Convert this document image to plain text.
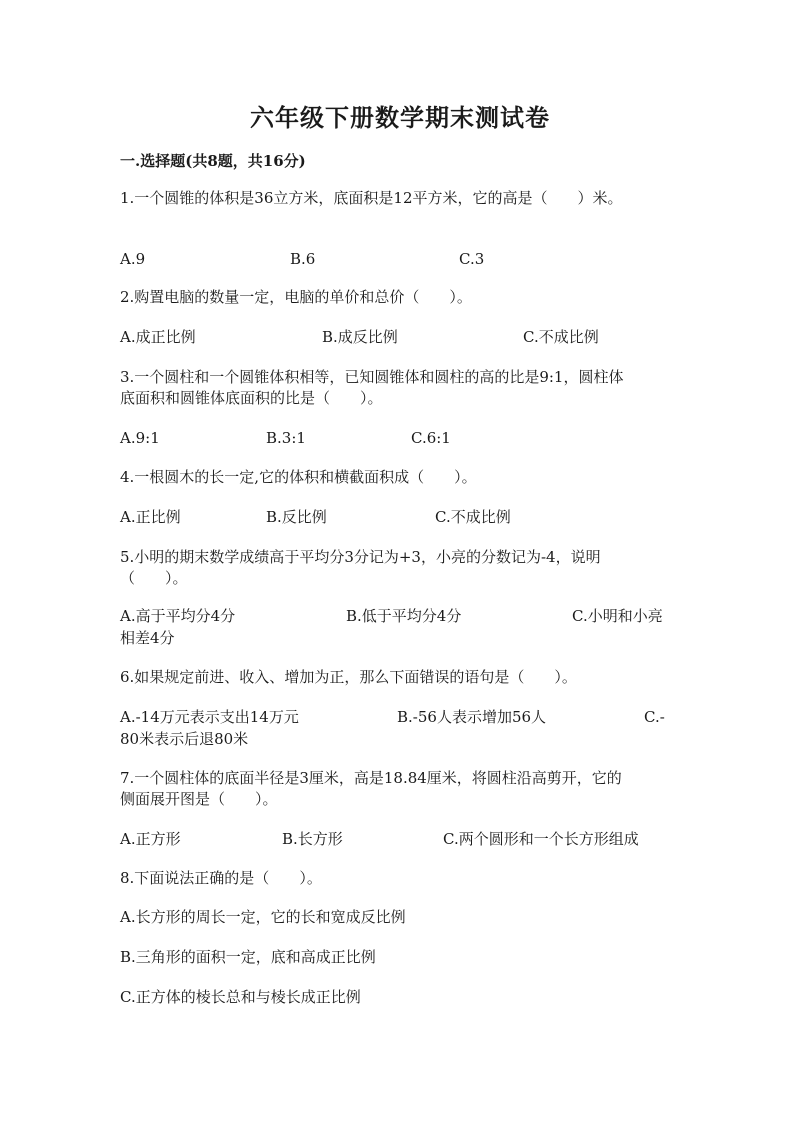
六年级下册数学期末测试卷
一.选择题(共8题，共16分)
1.一个圆锥的体积是36立方米，底面积是12平方米，它的高是（　　）米。
A.9	B.6	C.3
2.购置电脑的数量一定，电脑的单价和总价（　　）。
A.成正比例	B.成反比例	C.不成比例
3.一个圆柱和一个圆锥体积相等，已知圆锥体和圆柱的高的比是9:1，圆柱体
底面积和圆锥体底面积的比是（　　）。
A.9:1	B.3:1	C.6:1
4.一根圆木的长一定,它的体积和横截面积成（　　）。
A.正比例	B.反比例	C.不成比例
5.小明的期末数学成绩高于平均分3分记为+3，小亮的分数记为-4，说明
（　　）。
A.高于平均分4分	B.低于平均分4分	C.小明和小亮
相差4分
6.如果规定前进、收入、增加为正，那么下面错误的语句是（　　）。
A.-14万元表示支出14万元	B.-56人表示增加56人	C.-
80米表示后退80米
7.一个圆柱体的底面半径是3厘米，高是18.84厘米，将圆柱沿高剪开，它的
侧面展开图是（　　）。
A.正方形	B.长方形	C.两个圆形和一个长方形组成
8.下面说法正确的是（　　）。
A.长方形的周长一定，它的长和宽成反比例
B.三角形的面积一定，底和高成正比例
C.正方体的棱长总和与棱长成正比例
